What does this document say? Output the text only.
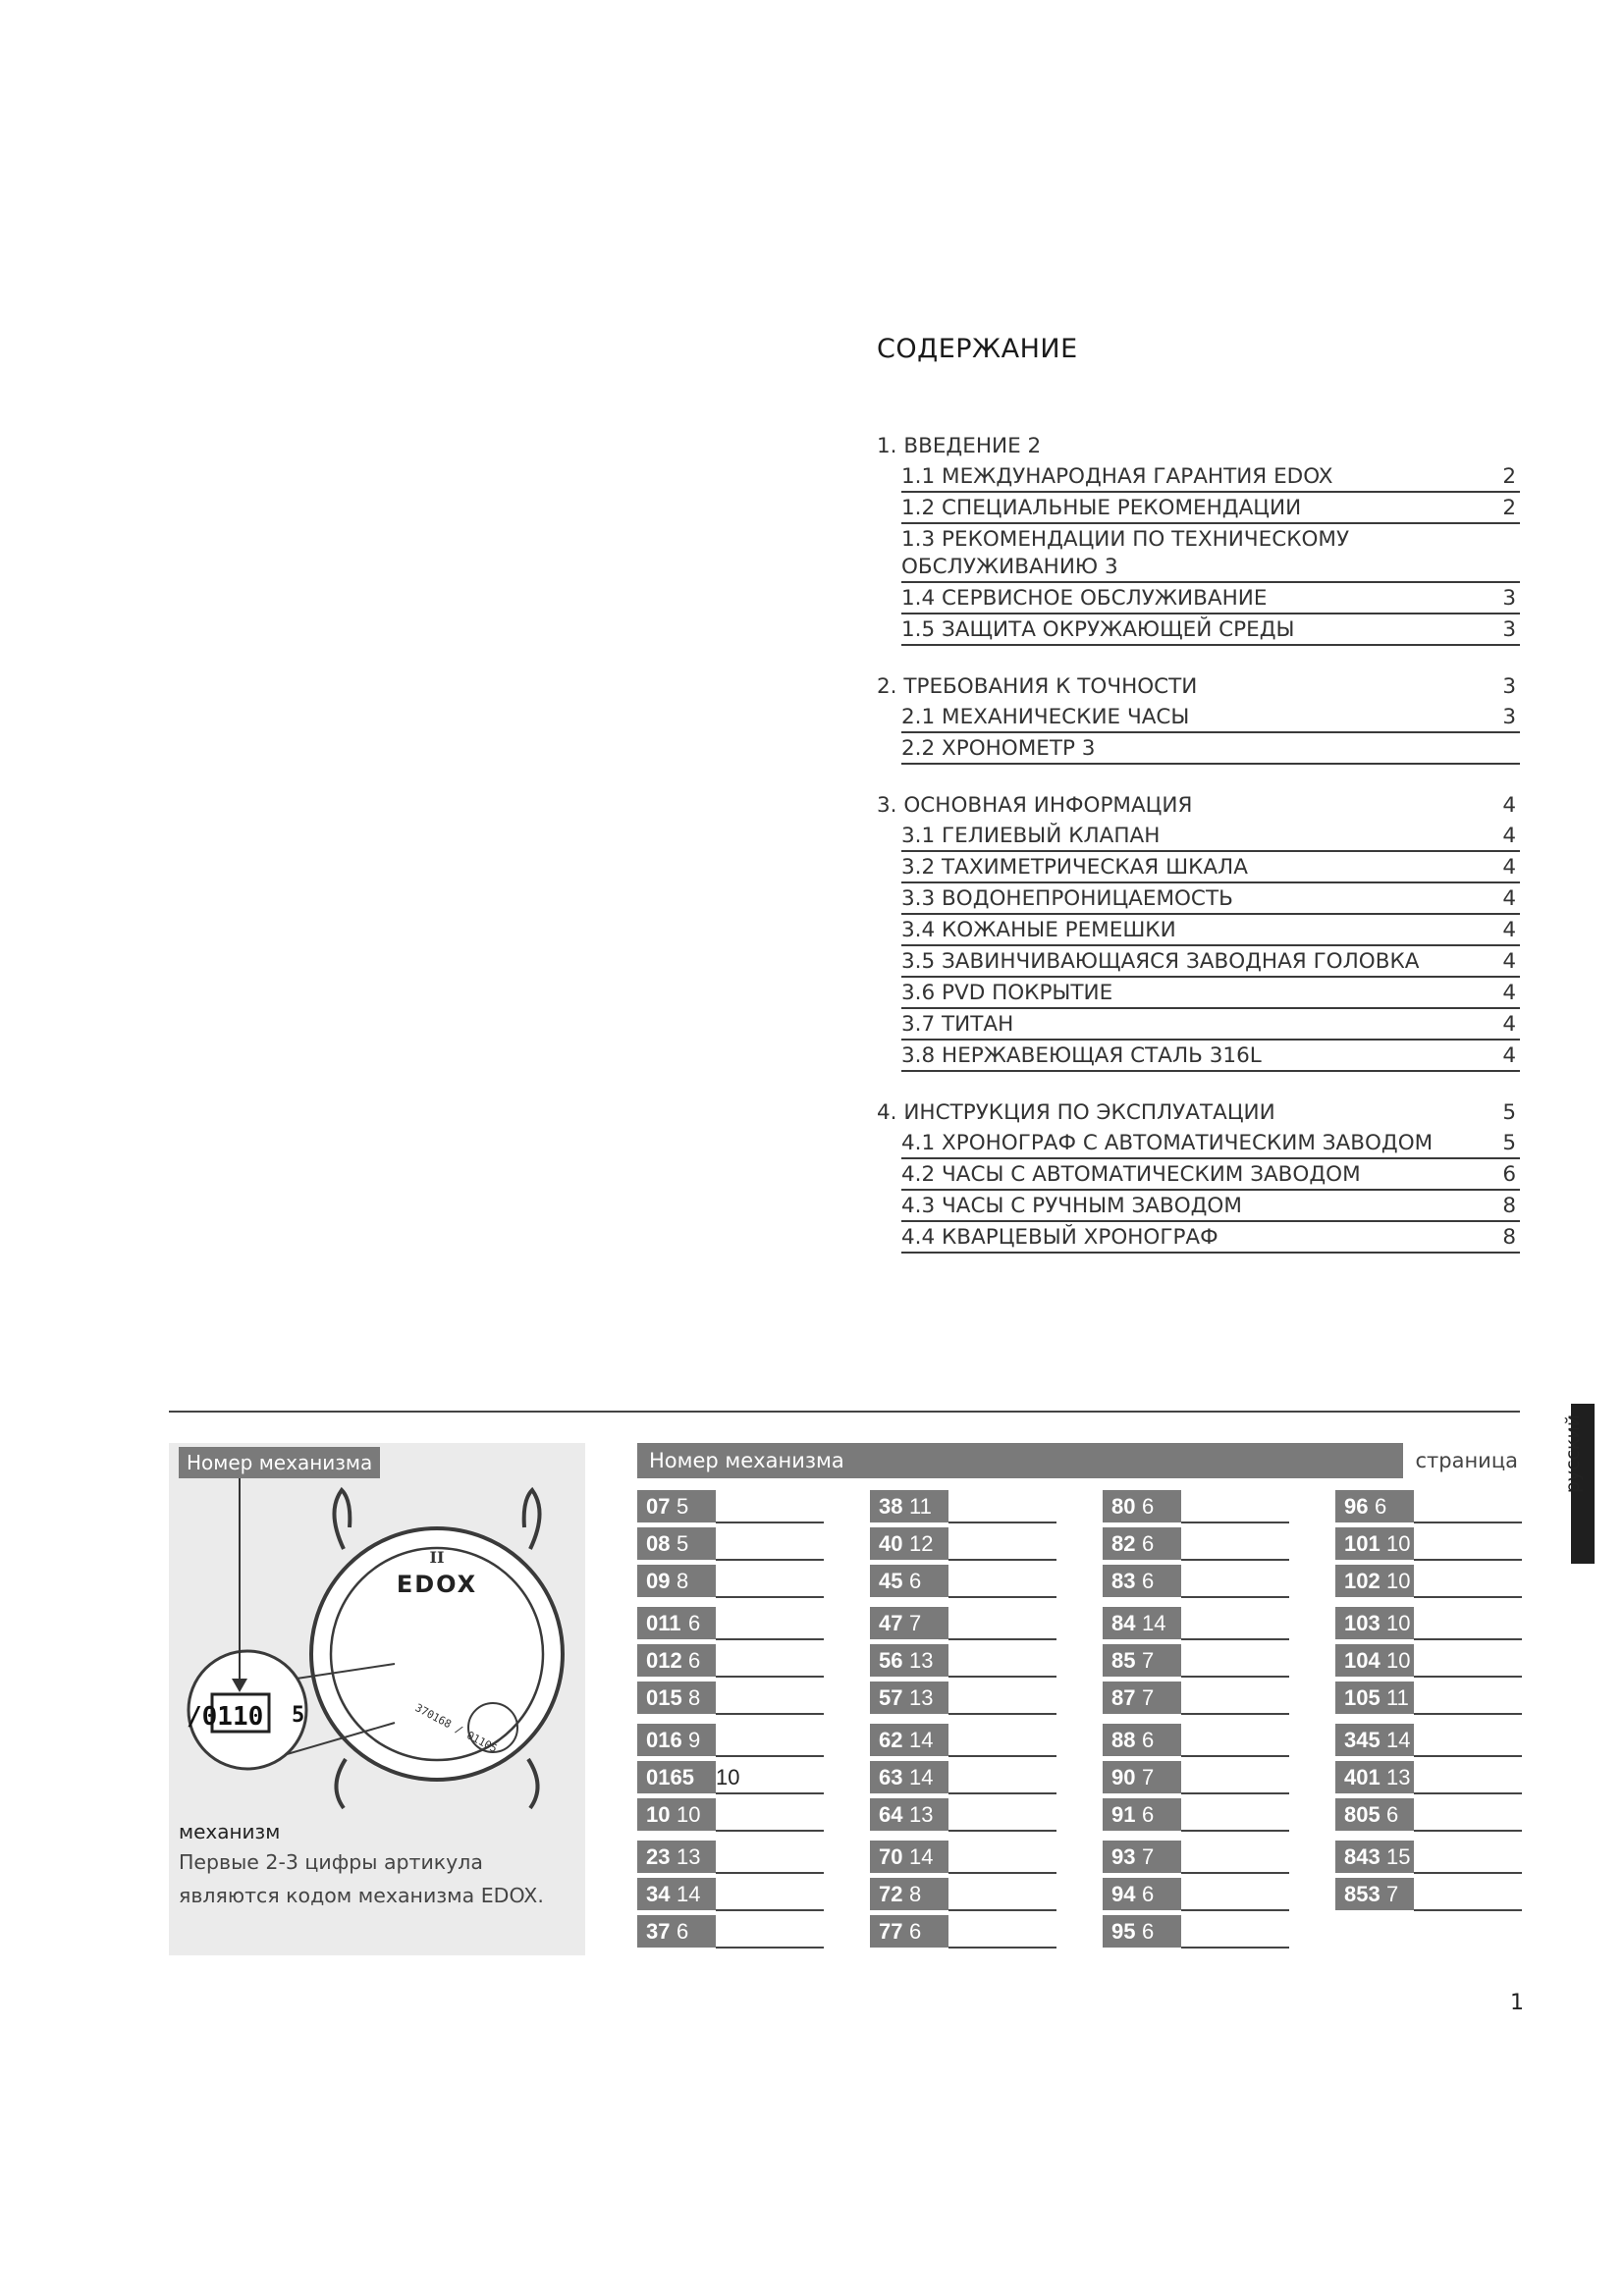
СОДЕРЖАНИЕ
1. ВВЕДЕНИЕ 2
1.1 МЕЖДУНАРОДНАЯ ГАРАНТИЯ EDOX	2
1.2 СПЕЦИАЛЬНЫЕ РЕКОМЕНДАЦИИ	2
1.3 РЕКОМЕНДАЦИИ ПО ТЕХНИЧЕСКОМУ
ОБСЛУЖИВАНИЮ 3
1.4 СЕРВИСНОЕ ОБСЛУЖИВАНИЕ	3
1.5 ЗАЩИТА ОКРУЖАЮЩЕЙ СРЕДЫ	3
2. ТРЕБОВАНИЯ К ТОЧНОСТИ	3
2.1 МЕХАНИЧЕСКИЕ ЧАСЫ	3
2.2 ХРОНОМЕТР 3
3. ОСНОВНАЯ ИНФОРМАЦИЯ	4
3.1 ГЕЛИЕВЫЙ КЛАПАН	4
3.2 ТАХИМЕТРИЧЕСКАЯ ШКАЛА	4
3.3 ВОДОНЕПРОНИЦАЕМОСТЬ	4
3.4 КОЖАНЫЕ РЕМЕШКИ	4
3.5 ЗАВИНЧИВАЮЩАЯСЯ ЗАВОДНАЯ ГОЛОВКА	4
3.6 PVD ПОКРЫТИЕ	4
3.7 ТИТАН	4
3.8 НЕРЖАВЕЮЩАЯ СТАЛЬ 316L	4
4. ИНСТРУКЦИЯ ПО ЭКСПЛУАТАЦИИ	5
4.1 ХРОНОГРАФ С АВТОМАТИЧЕСКИМ ЗАВОДОМ	5
4.2 ЧАСЫ С АВТОМАТИЧЕСКИМ ЗАВОДОМ	6
4.3 ЧАСЫ С РУЧНЫМ ЗАВОДОМ	8
4.4 КВАРЦЕВЫЙ ХРОНОГРАФ	8
русский
II
EDOX
370168 / 01105
/0110 5
Номер механизма
механизм
Первые 2-3 цифры артикула являются кодом механизма EDOX.
Номер механизма	страница
07 5
08 5
09 8
011 6
012 6
015 8
016 9
0165	10
10 10
23 13
34 14
37 6
38 11
40 12
45 6
47 7
56 13
57 13
62 14
63 14
64 13
70 14
72 8
77 6
80 6
82 6
83 6
84 14
85 7
87 7
88 6
90 7
91 6
93 7
94 6
95 6
96 6
101 10
102 10
103 10
104 10
105 11
345 14
401 13
805 6
843 15
853 7
1
